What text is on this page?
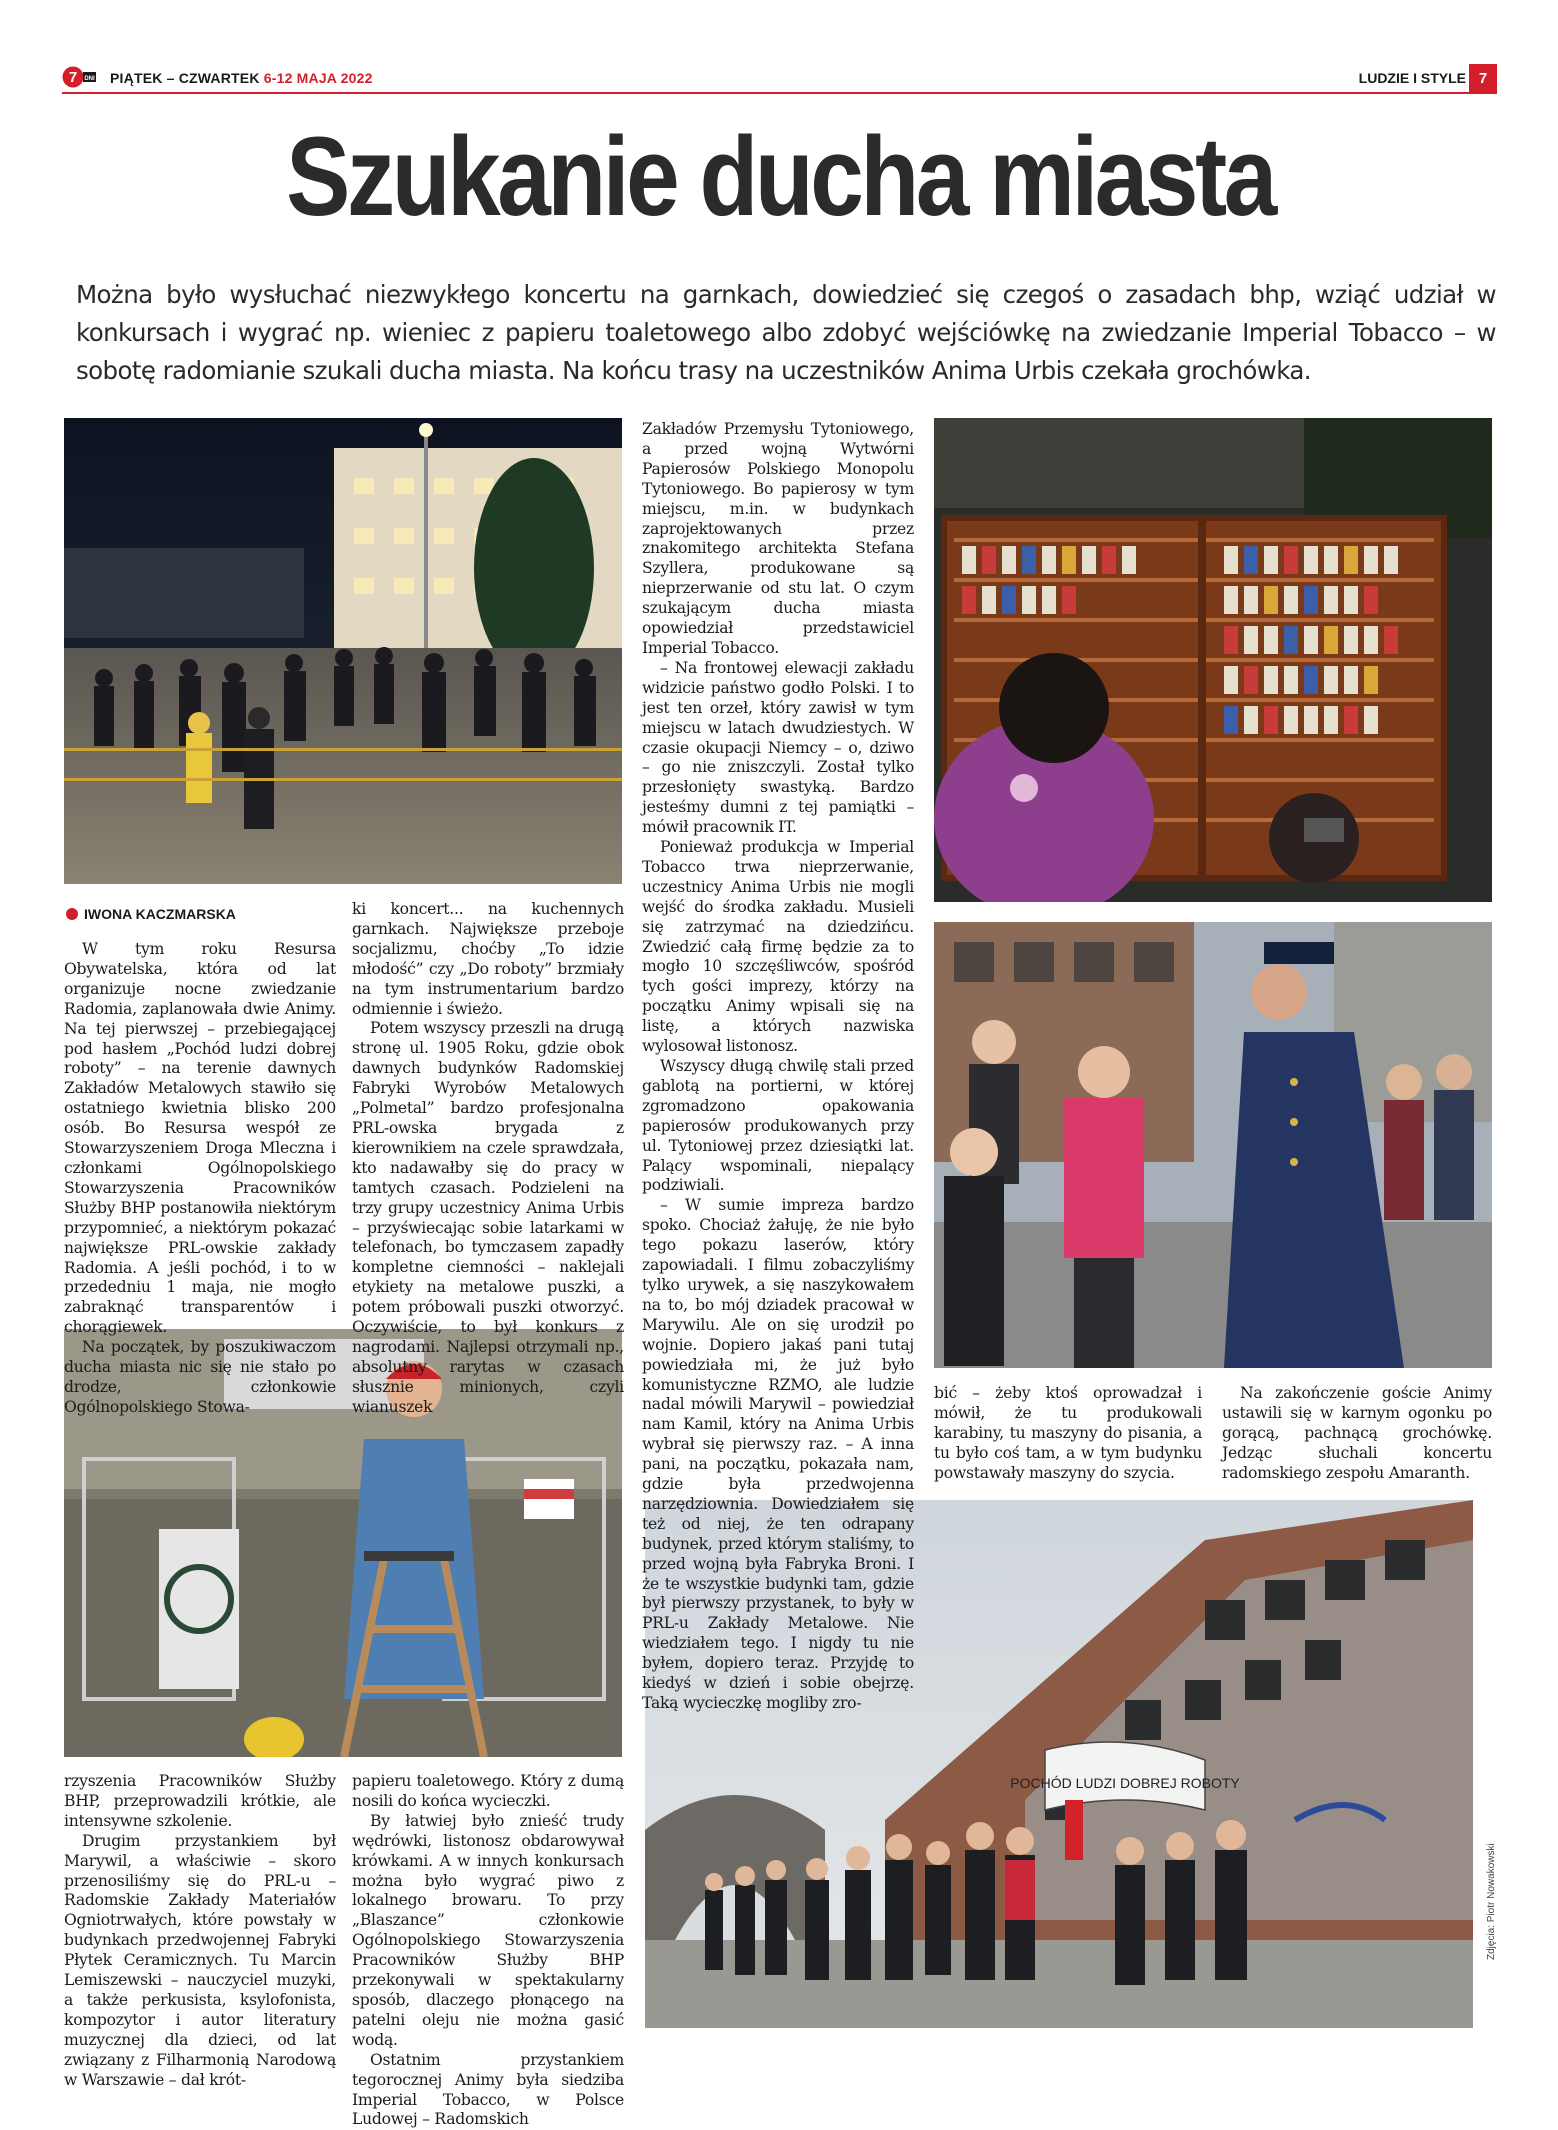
7 DNI PIĄTEK – CZWARTEK 6-12 MAJA 2022	LUDZIE I STYLE 7
Szukanie ducha miasta
Można było wysłuchać niezwykłego koncertu na garnkach, dowiedzieć się czegoś o zasadach bhp, wziąć udział w konkursach i wygrać np. wieniec z papieru toaletowego albo zdobyć wejściówkę na zwiedzanie Imperial Tobacco – w sobotę radomianie szukali ducha miasta. Na końcu trasy na uczestników Anima Urbis czekała grochówka.
POCHÓD LUDZI DOBREJ ROBOTY
IWONA KACZMARSKA

W tym roku Resursa Obywatelska, która od lat organizuje nocne zwiedzanie Radomia, zaplanowała dwie Animy. Na tej pierwszej – przebiegającej pod hasłem „Pochód ludzi dobrej roboty” – na terenie dawnych Zakładów Metalowych stawiło się ostatniego kwietnia blisko 200 osób. Bo Resursa wespół ze Stowarzyszeniem Droga Mleczna i członkami Ogólnopolskiego Stowarzyszenia Pracowników Służby BHP postanowiła niektórym przypomnieć, a niektórym pokazać największe PRL-owskie zakłady Radomia. A jeśli pochód, i to w przededniu 1 maja, nie mogło zabraknąć transparentów i chorągiewek.

Na początek, by poszukiwaczom ducha miasta nic się nie stało po drodze, członkowie Ogólnopolskiego Stowa-

ki koncert... na kuchennych garnkach. Największe przeboje socjalizmu, choćby „To idzie młodość” czy „Do roboty” brzmiały na tym instrumentarium bardzo odmiennie i świeżo.

Potem wszyscy przeszli na drugą stronę ul. 1905 Roku, gdzie obok dawnych budynków Radomskiej Fabryki Wyrobów Metalowych „Polmetal” bardzo profesjonalna PRL-owska brygada z kierownikiem na czele sprawdzała, kto nadawałby się do pracy w tamtych czasach. Podzieleni na trzy grupy uczestnicy Anima Urbis – przyświecając sobie latarkami w telefonach, bo tymczasem zapadły kompletne ciemności – naklejali etykiety na metalowe puszki, a potem próbowali puszki otworzyć. Oczywiście, to był konkurs z nagrodami. Najlepsi otrzymali np., absolutny rarytas w czasach słusznie minionych, czyli wianuszek

Zakładów Przemysłu Tytoniowego, a przed wojną Wytwórni Papierosów Polskiego Monopolu Tytoniowego. Bo papierosy w tym miejscu, m.in. w budynkach zaprojektowanych przez znakomitego architekta Stefana Szyllera, produkowane są nieprzerwanie od stu lat. O czym szukającym ducha miasta opowiedział przedstawiciel Imperial Tobacco.

– Na frontowej elewacji zakładu widzicie państwo godło Polski. I to jest ten orzeł, który zawisł w tym miejscu w latach dwudziestych. W czasie okupacji Niemcy – o, dziwo – go nie zniszczyli. Został tylko przesłonięty swastyką. Bardzo jesteśmy dumni z tej pamiątki – mówił pracownik IT.

Ponieważ produkcja w Imperial Tobacco trwa nieprzerwanie, uczestnicy Anima Urbis nie mogli wejść do środka zakładu. Musieli się zatrzymać na dziedzińcu. Zwiedzić całą firmę będzie za to mogło 10 szczęśliwców, spośród tych gości imprezy, którzy na początku Animy wpisali się na listę, a których nazwiska wylosował listonosz.

Wszyscy długą chwilę stali przed gablotą na portierni, w której zgromadzono opakowania papierosów produkowanych przy ul. Tytoniowej przez dziesiątki lat. Palący wspominali, niepalący podziwiali.

– W sumie impreza bardzo spoko. Chociaż żałuję, że nie było tego pokazu laserów, który zapowiadali. I filmu zobaczyliśmy tylko urywek, a się naszykowałem na to, bo mój dziadek pracował w Marywilu. Ale on się urodził po wojnie. Dopiero jakaś pani tutaj powiedziała mi, że już było komunistyczne RZMO, ale ludzie nadal mówili Marywil – powiedział nam Kamil, który na Anima Urbis wybrał się pierwszy raz. – A inna pani, na początku, pokazała nam, gdzie była przedwojenna narzędziownia. Dowiedziałem się też od niej, że ten odrapany budynek, przed którym staliśmy, to przed wojną była Fabryka Broni. I że te wszystkie budynki tam, gdzie był pierwszy przystanek, to były w PRL-u Zakłady Metalowe. Nie wiedziałem tego. I nigdy tu nie byłem, dopiero teraz. Przyjdę to kiedyś w dzień i sobie obejrzę. Taką wycieczkę mogliby zro-

bić – żeby ktoś oprowadzał i mówił, że tu produkowali karabiny, tu maszyny do pisania, a tu było coś tam, a w tym budynku powstawały maszyny do szycia.

Na zakończenie goście Animy ustawili się w karnym ogonku po gorącą, pachnącą grochówkę. Jedząc słuchali koncertu radomskiego zespołu Amaranth.

rzyszenia Pracowników Służby BHP, przeprowadzili krótkie, ale intensywne szkolenie.

Drugim przystankiem był Marywil, a właściwie – skoro przenosiliśmy się do PRL-u – Radomskie Zakłady Materiałów Ogniotrwałych, które powstały w budynkach przedwojennej Fabryki Płytek Ceramicznych. Tu Marcin Lemiszewski – nauczyciel muzyki, a także perkusista, ksylofonista, kompozytor i autor literatury muzycznej dla dzieci, od lat związany z Filharmonią Narodową w Warszawie – dał krót-

papieru toaletowego. Który z dumą nosili do końca wycieczki.

By łatwiej było znieść trudy wędrówki, listonosz obdarowywał krówkami. A w innych konkursach można było wygrać piwo z lokalnego browaru. To przy „Blaszance” członkowie Ogólnopolskiego Stowarzyszenia Pracowników Służby BHP przekonywali w spektakularny sposób, dlaczego płonącego na patelni oleju nie można gasić wodą.

Ostatnim przystankiem tegorocznej Animy była siedziba Imperial Tobacco, w Polsce Ludowej – Radomskich

Zdjęcia: Piotr Nowakowski
